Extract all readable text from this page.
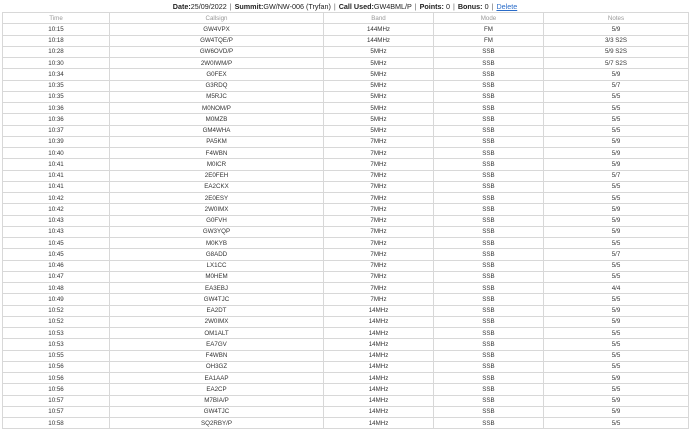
Date:25/09/2022 | Summit:GW/NW-006 (Tryfan) | Call Used:GW4BML/P | Points: 0 | Bonus: 0 | Delete
Time	Callsign	Band	Mode	Notes
10:15	GW4VPX	144MHz	FM	5/9
10:18	GW4TQE/P	144MHz	FM	3/3 S2S
10:28	GW6OVD/P	5MHz	SSB	5/9 S2S
10:30	2W0IWM/P	5MHz	SSB	5/7 S2S
10:34	G0FEX	5MHz	SSB	5/9
10:35	G3RDQ	5MHz	SSB	5/7
10:35	M5RJC	5MHz	SSB	5/5
10:36	M0NOM/P	5MHz	SSB	5/5
10:36	M0MZB	5MHz	SSB	5/5
10:37	GM4WHA	5MHz	SSB	5/5
10:39	PA5KM	7MHz	SSB	5/9
10:40	F4WBN	7MHz	SSB	5/9
10:41	M0ICR	7MHz	SSB	5/9
10:41	2E0FEH	7MHz	SSB	5/7
10:41	EA2CKX	7MHz	SSB	5/5
10:42	2E0ESY	7MHz	SSB	5/5
10:42	2W0IMX	7MHz	SSB	5/9
10:43	G0FVH	7MHz	SSB	5/9
10:43	GW3YQP	7MHz	SSB	5/9
10:45	M0KYB	7MHz	SSB	5/5
10:45	G8ADD	7MHz	SSB	5/7
10:46	LX1CC	7MHz	SSB	5/5
10:47	M0HEM	7MHz	SSB	5/5
10:48	EA3EBJ	7MHz	SSB	4/4
10:49	GW4TJC	7MHz	SSB	5/5
10:52	EA2DT	14MHz	SSB	5/9
10:52	2W0IMX	14MHz	SSB	5/9
10:53	OM1ALT	14MHz	SSB	5/5
10:53	EA7GV	14MHz	SSB	5/5
10:55	F4WBN	14MHz	SSB	5/5
10:56	OH3GZ	14MHz	SSB	5/5
10:56	EA1AAP	14MHz	SSB	5/9
10:56	EA2CP	14MHz	SSB	5/5
10:57	M7BIA/P	14MHz	SSB	5/9
10:57	GW4TJC	14MHz	SSB	5/9
10:58	SQ2RBY/P	14MHz	SSB	5/5
